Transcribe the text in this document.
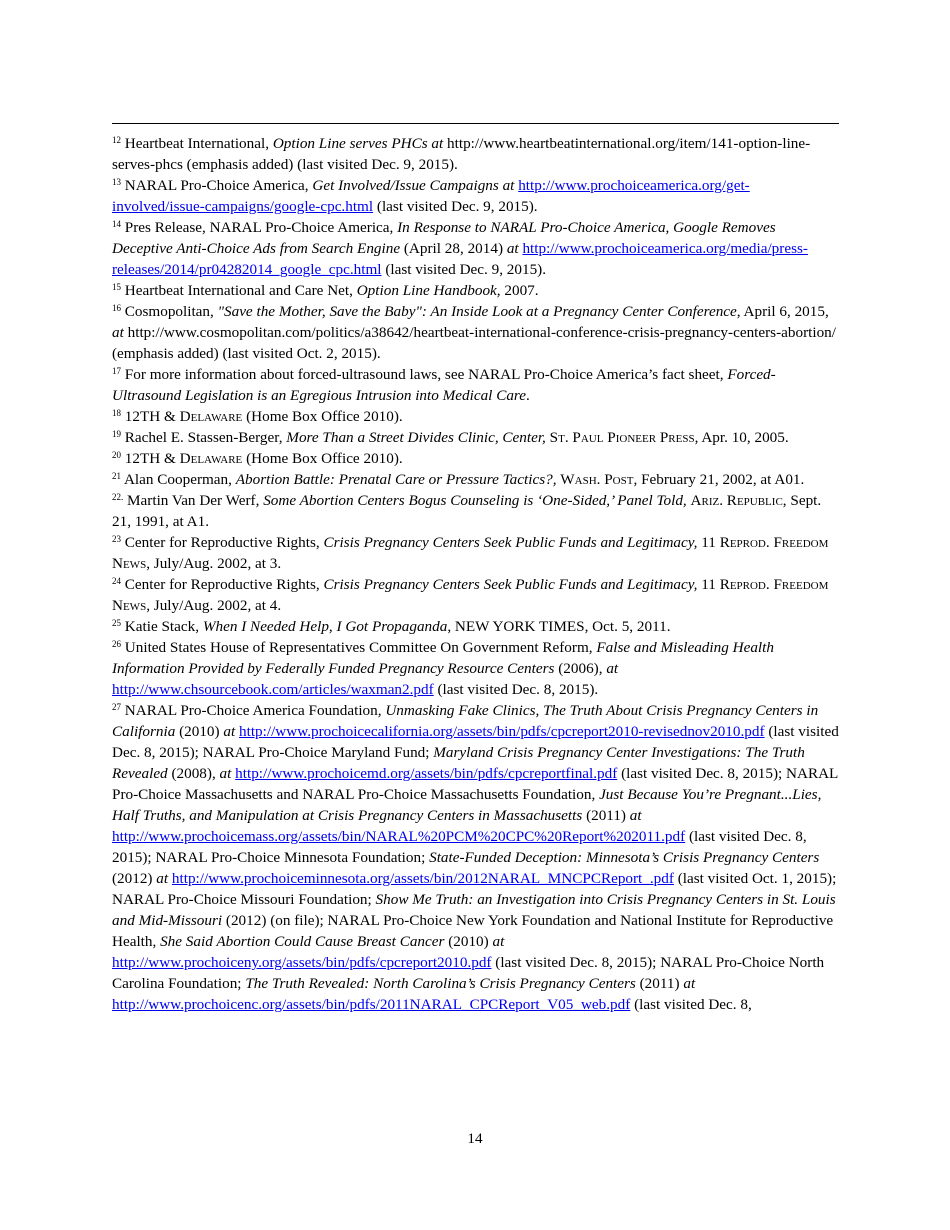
$^{12}$ Heartbeat International, Option Line serves PHCs at http://www.heartbeatinternational.org/item/141-option-line-serves-phcs (emphasis added) (last visited Dec. 9, 2015).

$^{13}$ NARAL Pro-Choice America, Get Involved/Issue Campaigns at http://www.prochoiceamerica.org/get-involved/issue-campaigns/google-cpc.html (last visited Dec. 9, 2015).

$^{14}$ Pres Release, NARAL Pro-Choice America, In Response to NARAL Pro-Choice America, Google Removes Deceptive Anti-Choice Ads from Search Engine (April 28, 2014) at http://www.prochoiceamerica.org/media/press-releases/2014/pr04282014_google_cpc.html (last visited Dec. 9, 2015).

$^{15}$ Heartbeat International and Care Net, Option Line Handbook, 2007.

$^{16}$ Cosmopolitan, "Save the Mother, Save the Baby": An Inside Look at a Pregnancy Center Conference, April 6, 2015, at http://www.cosmopolitan.com/politics/a38642/heartbeat-international-conference-crisis-pregnancy-centers-abortion/ (emphasis added) (last visited Oct. 2, 2015).

$^{17}$ For more information about forced-ultrasound laws, see NARAL Pro-Choice America’s fact sheet, Forced-Ultrasound Legislation is an Egregious Intrusion into Medical Care.

$^{18}$ 12TH & Delaware (Home Box Office 2010).

$^{19}$ Rachel E. Stassen-Berger, More Than a Street Divides Clinic, Center, St. Paul Pioneer Press, Apr. 10, 2005.

$^{20}$ 12TH & Delaware (Home Box Office 2010).

$^{21}$ Alan Cooperman, Abortion Battle: Prenatal Care or Pressure Tactics?, Wash. Post, February 21, 2002, at A01.

$^{22.}$ Martin Van Der Werf, Some Abortion Centers Bogus Counseling is ‘One-Sided,’ Panel Told, Ariz. Republic, Sept. 21, 1991, at A1.

$^{23}$ Center for Reproductive Rights, Crisis Pregnancy Centers Seek Public Funds and Legitimacy, 11 Reprod. Freedom News, July/Aug. 2002, at 3.

$^{24}$ Center for Reproductive Rights, Crisis Pregnancy Centers Seek Public Funds and Legitimacy, 11 Reprod. Freedom News, July/Aug. 2002, at 4.

$^{25}$ Katie Stack, When I Needed Help, I Got Propaganda, NEW YORK TIMES, Oct. 5, 2011.

$^{26}$ United States House of Representatives Committee On Government Reform, False and Misleading Health Information Provided by Federally Funded Pregnancy Resource Centers (2006), at http://www.chsourcebook.com/articles/waxman2.pdf (last visited Dec. 8, 2015).

$^{27}$ NARAL Pro-Choice America Foundation, Unmasking Fake Clinics, The Truth About Crisis Pregnancy Centers in California (2010) at http://www.prochoicecalifornia.org/assets/bin/pdfs/cpcreport2010-revisednov2010.pdf (last visited Dec. 8, 2015); NARAL Pro-Choice Maryland Fund; Maryland Crisis Pregnancy Center Investigations: The Truth Revealed (2008), at http://www.prochoicemd.org/assets/bin/pdfs/cpcreportfinal.pdf (last visited Dec. 8, 2015); NARAL Pro-Choice Massachusetts and NARAL Pro-Choice Massachusetts Foundation, Just Because You’re Pregnant...Lies, Half Truths, and Manipulation at Crisis Pregnancy Centers in Massachusetts (2011) at http://www.prochoicemass.org/assets/bin/NARAL%20PCM%20CPC%20Report%202011.pdf (last visited Dec. 8, 2015); NARAL Pro-Choice Minnesota Foundation; State-Funded Deception: Minnesota’s Crisis Pregnancy Centers (2012) at http://www.prochoiceminnesota.org/assets/bin/2012NARAL_MNCPCReport_.pdf (last visited Oct. 1, 2015); NARAL Pro-Choice Missouri Foundation; Show Me Truth: an Investigation into Crisis Pregnancy Centers in St. Louis and Mid-Missouri (2012) (on file); NARAL Pro-Choice New York Foundation and National Institute for Reproductive Health, She Said Abortion Could Cause Breast Cancer (2010) at http://www.prochoiceny.org/assets/bin/pdfs/cpcreport2010.pdf (last visited Dec. 8, 2015); NARAL Pro-Choice North Carolina Foundation; The Truth Revealed: North Carolina’s Crisis Pregnancy Centers (2011) at http://www.prochoicenc.org/assets/bin/pdfs/2011NARAL_CPCReport_V05_web.pdf (last visited Dec. 8,

14
